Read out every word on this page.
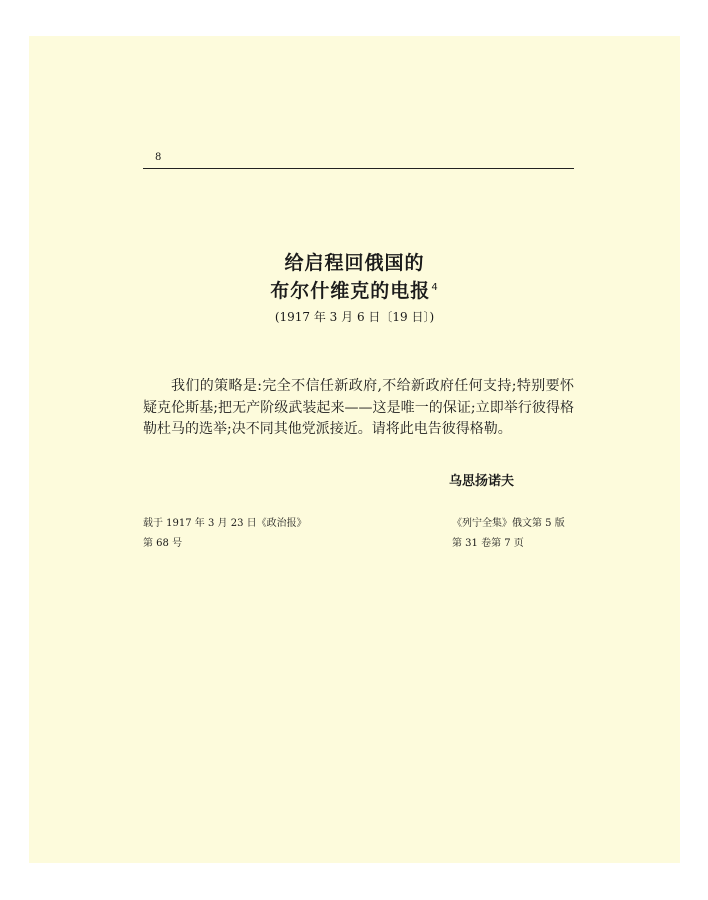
8
给启程回俄国的
布尔什维克的电报$^4$
(1917 年 3 月 6 日〔19 日〕)
我们的策略是:完全不信任新政府,不给新政府任何支持;特别要怀疑克伦斯基;把无产阶级武装起来——这是唯一的保证;立即举行彼得格勒杜马的选举;决不同其他党派接近。请将此电告彼得格勒。
乌思扬诺夫
载于 1917 年 3 月 23 日《政治报》
第 68 号
《列宁全集》俄文第 5 版
第 31 卷第 7 页
